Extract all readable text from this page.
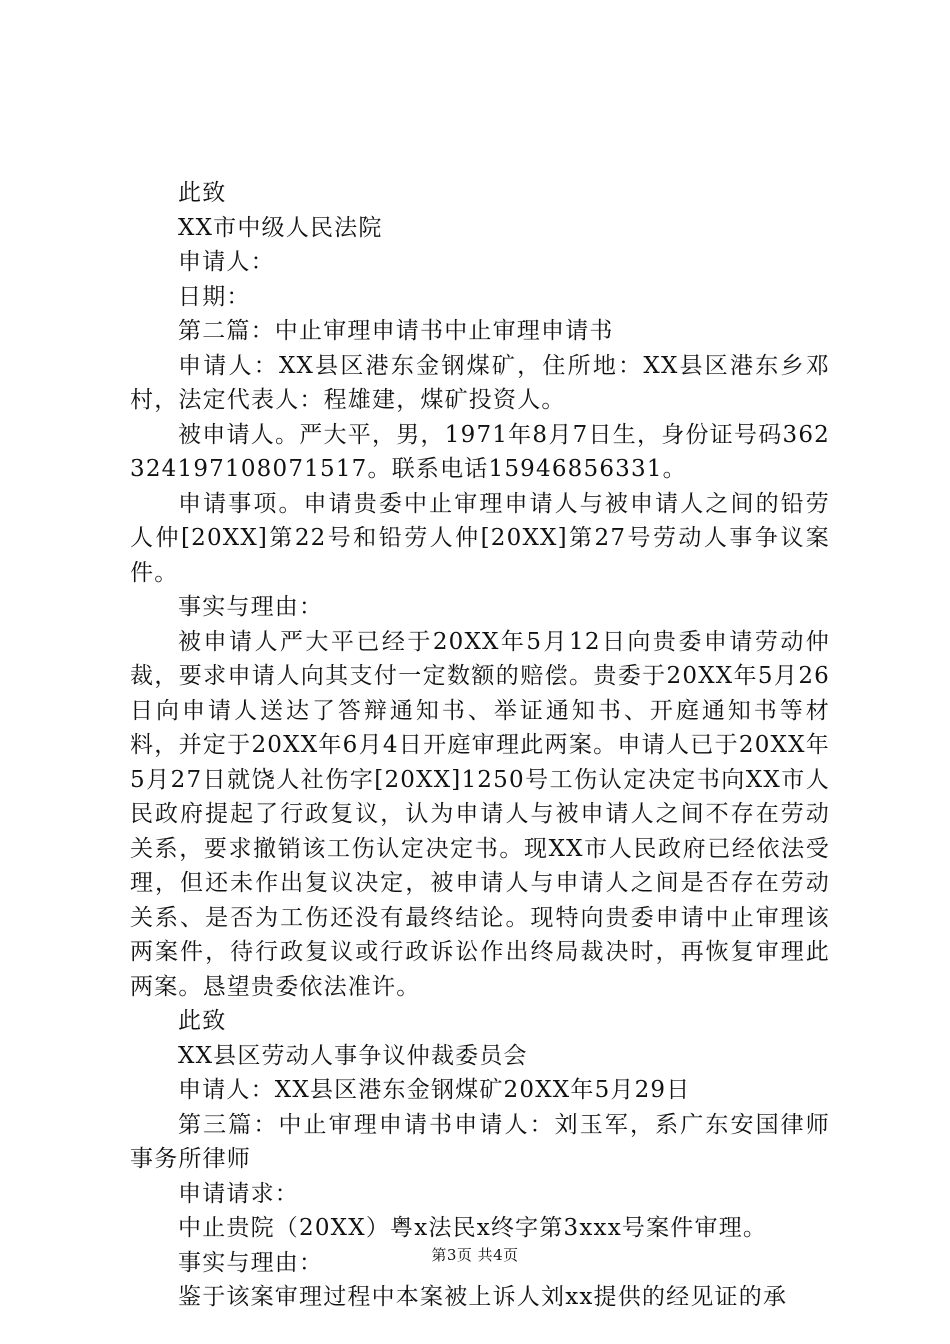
此致

XX市中级人民法院

申请人：

日期：

第二篇：中止审理申请书中止审理申请书

申请人：XX县区港东金钢煤矿，住所地：XX县区港东乡邓村，法定代表人：程雄建，煤矿投资人。

被申请人。严大平，男，1971年8月7日生，身份证号码362324197108071517。联系电话15946856331。

申请事项。申请贵委中止审理申请人与被申请人之间的铅劳人仲[20XX]第22号和铅劳人仲[20XX]第27号劳动人事争议案件。

事实与理由：

被申请人严大平已经于20XX年5月12日向贵委申请劳动仲裁，要求申请人向其支付一定数额的赔偿。贵委于20XX年5月26日向申请人送达了答辩通知书、举证通知书、开庭通知书等材料，并定于20XX年6月4日开庭审理此两案。申请人已于20XX年5月27日就饶人社伤字[20XX]1250号工伤认定决定书向XX市人民政府提起了行政复议，认为申请人与被申请人之间不存在劳动关系，要求撤销该工伤认定决定书。现XX市人民政府已经依法受理，但还未作出复议决定，被申请人与申请人之间是否存在劳动关系、是否为工伤还没有最终结论。现特向贵委申请中止审理该两案件，待行政复议或行政诉讼作出终局裁决时，再恢复审理此两案。恳望贵委依法准许。

此致

XX县区劳动人事争议仲裁委员会

申请人：XX县区港东金钢煤矿20XX年5月29日

第三篇：中止审理申请书申请人：刘玉军，系广东安国律师事务所律师

申请请求：

中止贵院（20XX）粤x法民x终字第3xxx号案件审理。

事实与理由：

鉴于该案审理过程中本案被上诉人刘xx提供的经见证的承

第3页 共4页
